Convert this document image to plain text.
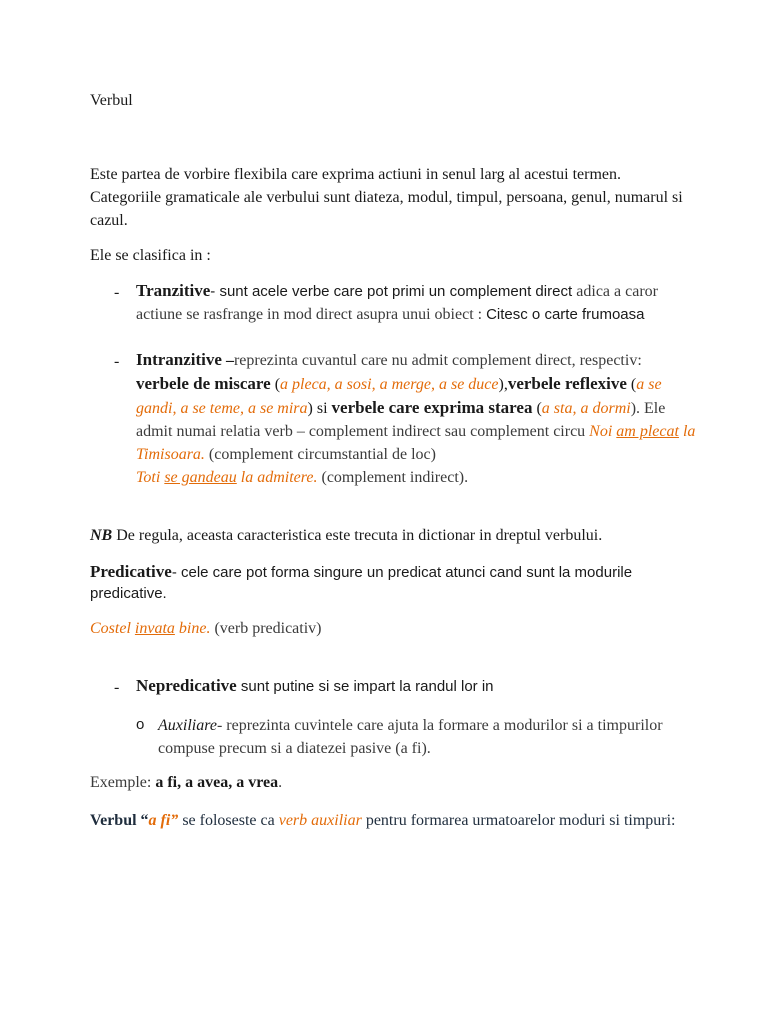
Verbul

Este partea de vorbire flexibila care exprima actiuni in senul larg al acestui termen. Categoriile gramaticale ale verbului sunt diateza, modul, timpul, persoana, genul, numarul si cazul.

Ele se clasifica in :

- Tranzitive- sunt acele verbe care pot primi un complement direct adica a caror actiune se rasfrange in mod direct asupra unui obiect : Citesc o carte frumoasa
- Intranzitive –reprezinta cuvantul care nu admit complement direct, respectiv: verbele de miscare (a pleca, a sosi, a merge, a se duce),verbele reflexive (a se gandi, a se teme, a se mira) si verbele care exprima starea (a sta, a dormi). Ele admit numai relatia verb – complement indirect sau complement circu Noi am plecat la Timisoara. (complement circumstantial de loc)
Toti se gandeau la admitere. (complement indirect).

NB De regula, aceasta caracteristica este trecuta in dictionar in dreptul verbului.

Predicative- cele care pot forma singure un predicat atunci cand sunt la modurile predicative.

Costel invata bine. (verb predicativ)

- Nepredicative sunt putine si se impart la randul lor in
o Auxiliare- reprezinta cuvintele care ajuta la formare a modurilor si a timpurilor compuse precum si a diatezei pasive (a fi).

Exemple: a fi, a avea, a vrea.

Verbul “a fi” se foloseste ca verb auxiliar pentru formarea urmatoarelor moduri si timpuri:
